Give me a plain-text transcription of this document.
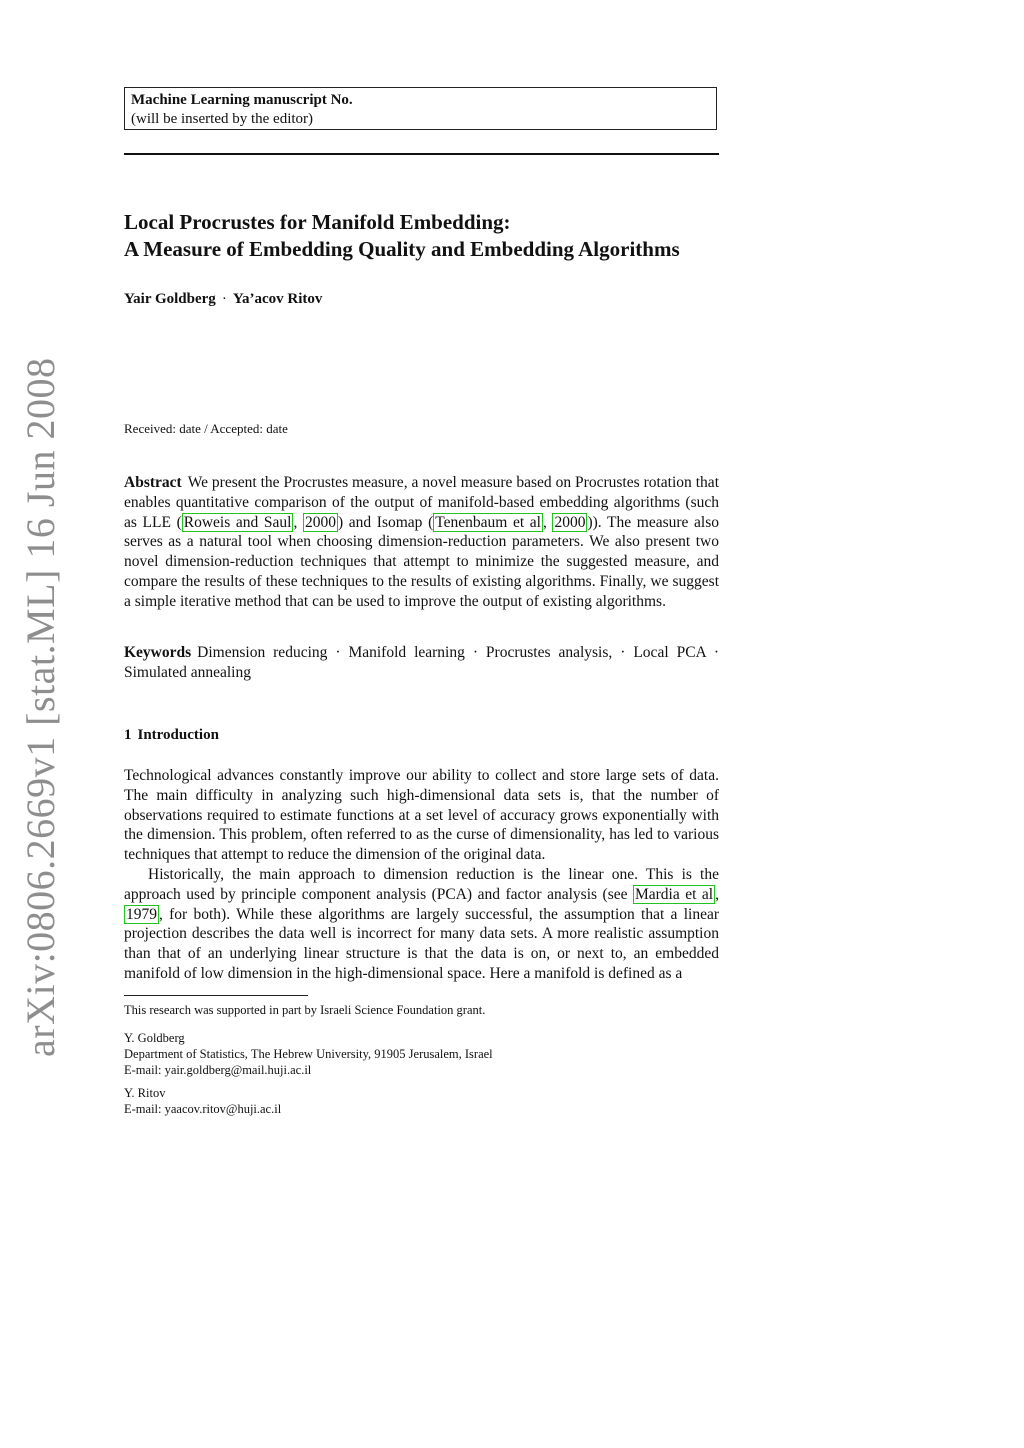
arXiv:0806.2669v1 [stat.ML] 16 Jun 2008
Machine Learning manuscript No.
(will be inserted by the editor)
Local Procrustes for Manifold Embedding:
A Measure of Embedding Quality and Embedding Algorithms
Yair Goldberg · Ya’acov Ritov
Received: date / Accepted: date

Abstract We present the Procrustes measure, a novel measure based on Procrustes rotation that enables quantitative comparison of the output of manifold-based embedding algorithms (such as LLE ( Roweis and Saul , 2000 ) and Isomap ( Tenenbaum et al , 2000 )). The measure also serves as a natural tool when choosing dimension-reduction parameters. We also present two novel dimension-reduction techniques that attempt to minimize the suggested measure, and compare the results of these techniques to the results of existing algorithms. Finally, we suggest a simple iterative method that can be used to improve the output of existing algorithms.

Keywords Dimension reducing · Manifold learning · Procrustes analysis, · Local PCA · Simulated annealing

1 Introduction

Technological advances constantly improve our ability to collect and store large sets of data. The main difficulty in analyzing such high-dimensional data sets is, that the number of observations required to estimate functions at a set level of accuracy grows exponentially with the dimension. This problem, often referred to as the curse of dimensionality, has led to various techniques that attempt to reduce the dimension of the original data.

Historically, the main approach to dimension reduction is the linear one. This is the approach used by principle component analysis (PCA) and factor analysis (see Mardia et al , 1979 , for both). While these algorithms are largely successful, the assumption that a linear projection describes the data well is incorrect for many data sets. A more realistic assumption than that of an underlying linear structure is that the data is on, or next to, an embedded manifold of low dimension in the high-dimensional space. Here a manifold is defined as a

This research was supported in part by Israeli Science Foundation grant.
Y. Goldberg
Department of Statistics, The Hebrew University, 91905 Jerusalem, Israel
E-mail: yair.goldberg@mail.huji.ac.il
Y. Ritov
E-mail: yaacov.ritov@huji.ac.il
